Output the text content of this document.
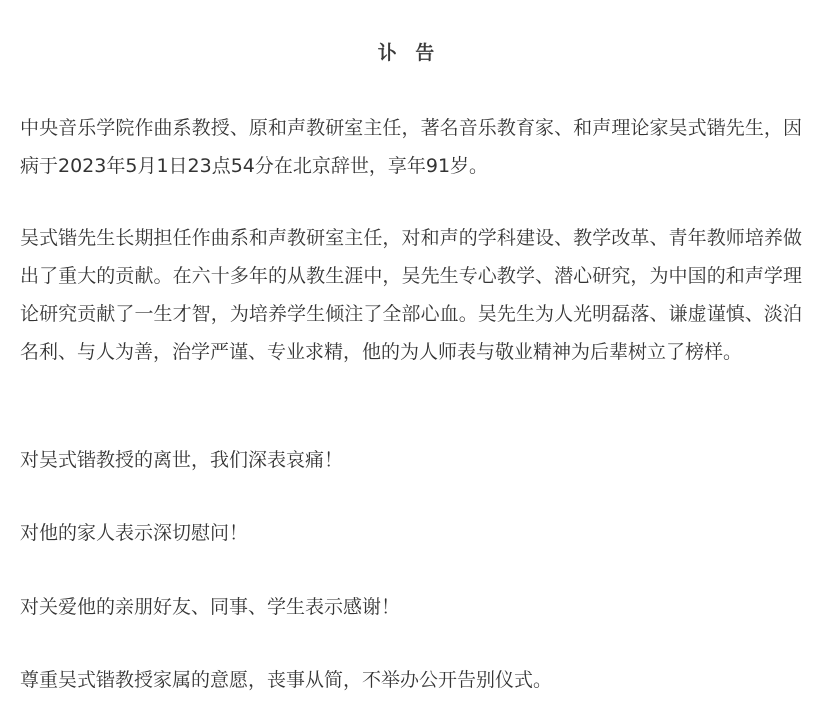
讣 告

中央音乐学院作曲系教授、原和声教研室主任，著名音乐教育家、和声理论家吴式锴先生，因病于2023年5月1日23点54分在北京辞世，享年91岁。

吴式锴先生长期担任作曲系和声教研室主任，对和声的学科建设、教学改革、青年教师培养做出了重大的贡献。在六十多年的从教生涯中，吴先生专心教学、潜心研究，为中国的和声学理论研究贡献了一生才智，为培养学生倾注了全部心血。吴先生为人光明磊落、谦虚谨慎、淡泊名利、与人为善，治学严谨、专业求精，他的为人师表与敬业精神为后辈树立了榜样。

对吴式锴教授的离世，我们深表哀痛！

对他的家人表示深切慰问！

对关爱他的亲朋好友、同事、学生表示感谢！

尊重吴式锴教授家属的意愿，丧事从简，不举办公开告别仪式。
